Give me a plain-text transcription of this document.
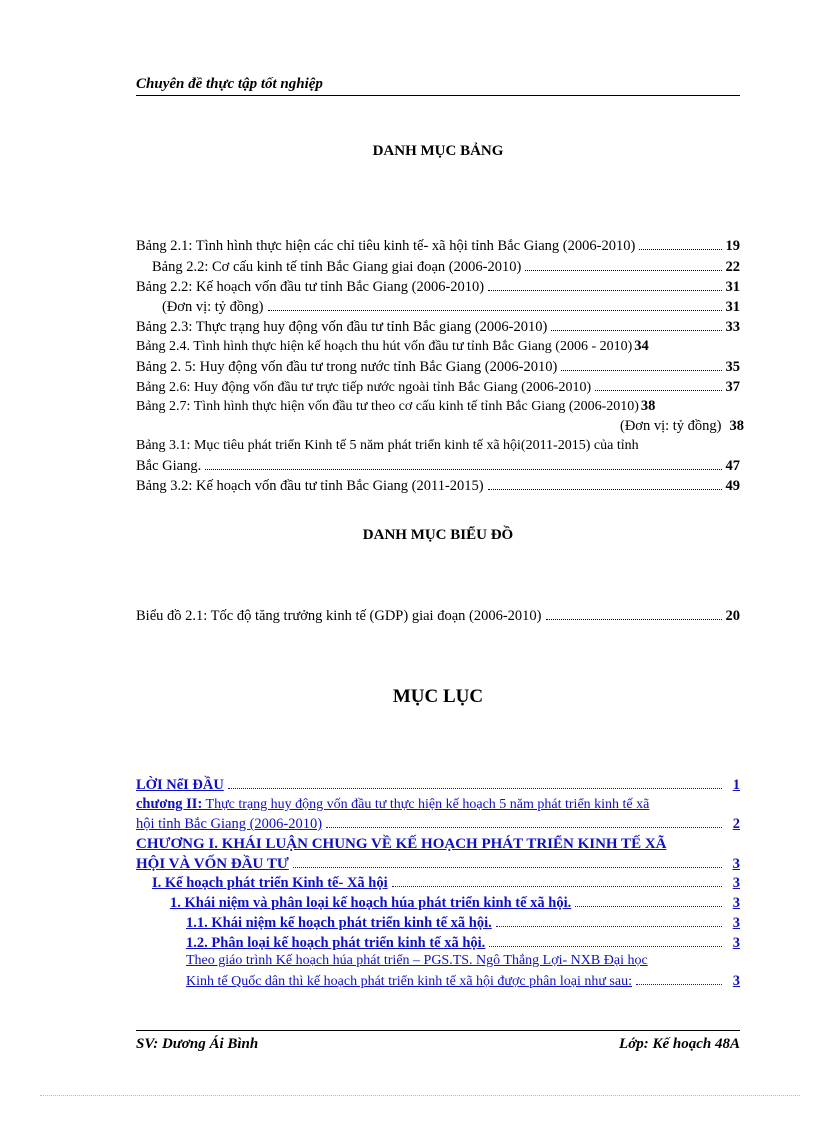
Chuyên đề thực tập tốt nghiệp
DANH MỤC BẢNG
Bảng 2.1: Tình hình thực hiện các chỉ tiêu kinh tế- xã hội tỉnh Bắc Giang (2006-2010)	19
Bảng 2.2: Cơ cấu kinh tế tỉnh Bắc Giang giai đoạn (2006-2010)	22
Bảng 2.2: Kế hoạch vốn đầu tư tỉnh Bắc Giang (2006-2010)	31
(Đơn vị: tỷ đồng)	31
Bảng 2.3: Thực trạng huy động vốn đầu tư tỉnh Bắc giang (2006-2010)	33
Bảng 2.4. Tình hình thực hiện kế hoạch thu hút vốn đầu tư tỉnh Bắc Giang (2006 - 2010) 34
Bảng 2. 5: Huy động vốn đầu tư trong nước tỉnh Bắc Giang (2006-2010)	35
Bảng 2.6: Huy động vốn đầu tư trực tiếp nước ngoài tỉnh Bắc Giang (2006-2010)	37
Bảng 2.7: Tình hình thực hiện vốn đầu tư theo cơ cấu kinh tế tỉnh Bắc Giang (2006-2010) 38
(Đơn vị: tỷ đồng) 38
Bảng 3.1: Mục tiêu phát triển Kinh tế 5 năm phát triển kinh tế xã hội(2011-2015) của tỉnh
Bắc Giang.	47
Bảng 3.2: Kế hoạch vốn đầu tư tỉnh Bắc Giang (2011-2015)	49
DANH MỤC BIỂU ĐỒ
Biểu đồ 2.1: Tốc độ tăng trưởng kinh tế (GDP) giai đoạn (2006-2010)	20
MỤC LỤC
LỜI NểI ĐẦU	1
chương II: Thực trạng huy động vốn đầu tư thực hiện kế hoạch 5 năm phát triển kinh tế xã
hội tỉnh Bắc Giang (2006-2010)	2
CHƯƠNG I. KHÁI LUẬN CHUNG VỀ KẾ HOẠCH PHÁT TRIỂN KINH TẾ XÃ
HỘI VÀ VỐN ĐẦU TƯ	3
I. Kế hoạch phát triển Kinh tế- Xã hội	3
1. Khái niệm và phân loại kế hoạch húa phát triển kinh tế xã hội.	3
1.1. Khái niệm kế hoạch phát triển kinh tế xã hội.	3
1.2. Phân loại kế hoạch phát triển kinh tế xã hội.	3
Theo giáo trình Kế hoạch húa phát triển – PGS.TS. Ngô Thắng Lợi- NXB Đại học
Kinh tế Quốc dân thì kế hoạch phát triển kinh tế xã hội được phân loại như sau:	3
SV: Dương Ái Bình	Lớp: Kế hoạch 48A
